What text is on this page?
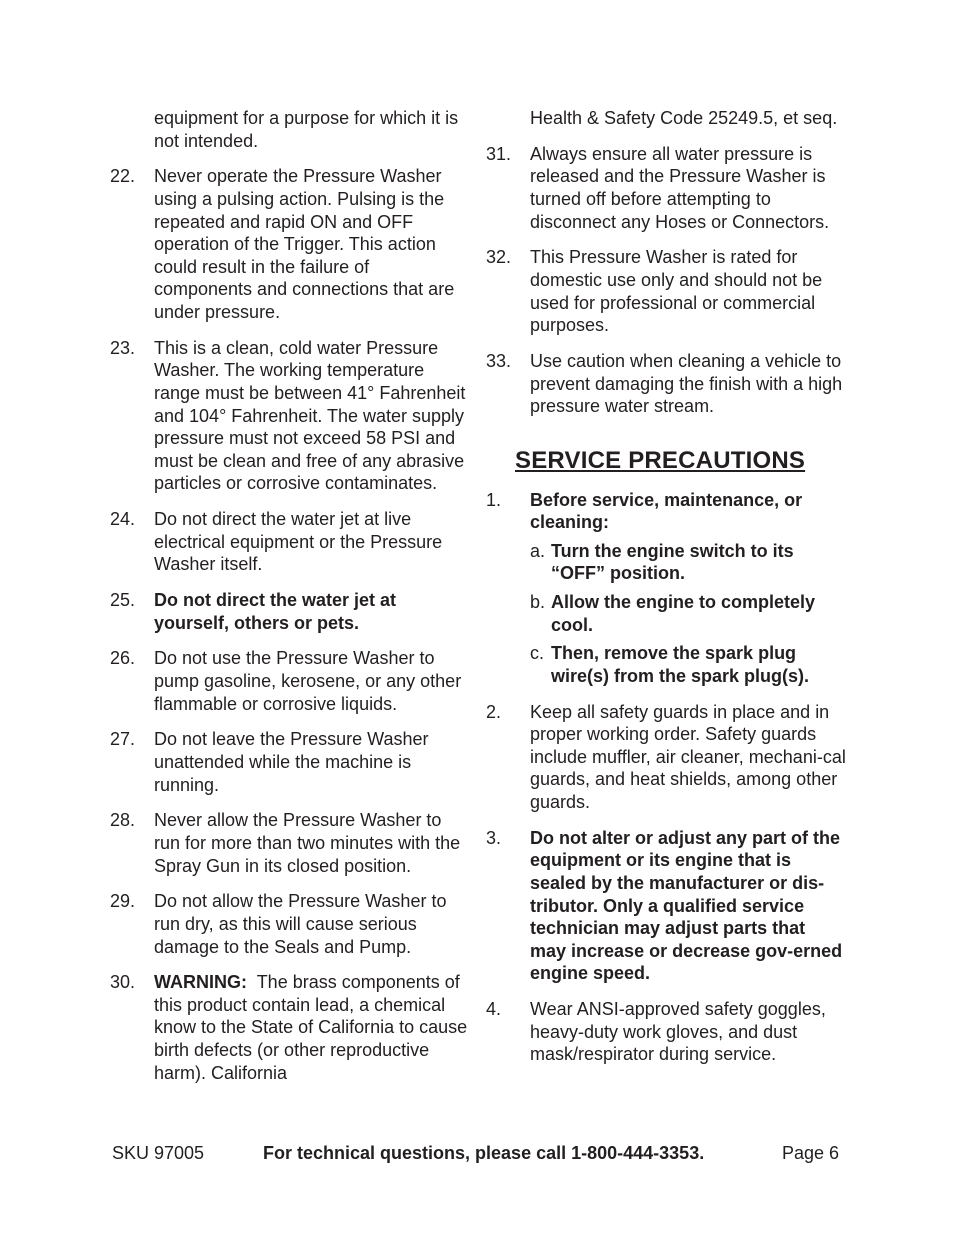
equipment for a purpose for which it is not intended.
22. Never operate the Pressure Washer using a pulsing action. Pulsing is the repeated and rapid ON and OFF operation of the Trigger. This action could result in the failure of components and connections that are under pressure.
23. This is a clean, cold water Pressure Washer. The working temperature range must be between 41° Fahrenheit and 104° Fahrenheit. The water supply pressure must not exceed 58 PSI and must be clean and free of any abrasive particles or corrosive contaminates.
24. Do not direct the water jet at live electrical equipment or the Pressure Washer itself.
25. Do not direct the water jet at yourself, others or pets.
26. Do not use the Pressure Washer to pump gasoline, kerosene, or any other flammable or corrosive liquids.
27. Do not leave the Pressure Washer unattended while the machine is running.
28. Never allow the Pressure Washer to run for more than two minutes with the Spray Gun in its closed position.
29. Do not allow the Pressure Washer to run dry, as this will cause serious damage to the Seals and Pump.
30. WARNING: The brass components of this product contain lead, a chemical know to the State of California to cause birth defects (or other reproductive harm). California
Health & Safety Code 25249.5, et seq.
31. Always ensure all water pressure is released and the Pressure Washer is turned off before attempting to disconnect any Hoses or Connectors.
32. This Pressure Washer is rated for domestic use only and should not be used for professional or commercial purposes.
33. Use caution when cleaning a vehicle to prevent damaging the finish with a high pressure water stream.
SERVICE PRECAUTIONS
1. Before service, maintenance, or cleaning:
a. Turn the engine switch to its “OFF” position.
b. Allow the engine to completely cool.
c. Then, remove the spark plug wire(s) from the spark plug(s).
2. Keep all safety guards in place and in proper working order. Safety guards include muffler, air cleaner, mechani-cal guards, and heat shields, among other guards.
3. Do not alter or adjust any part of the equipment or its engine that is sealed by the manufacturer or dis-tributor. Only a qualified service technician may adjust parts that may increase or decrease gov-erned engine speed.
4. Wear ANSI-approved safety goggles, heavy-duty work gloves, and dust mask/respirator during service.
SKU 97005	For technical questions, please call 1-800-444-3353.	Page 6
